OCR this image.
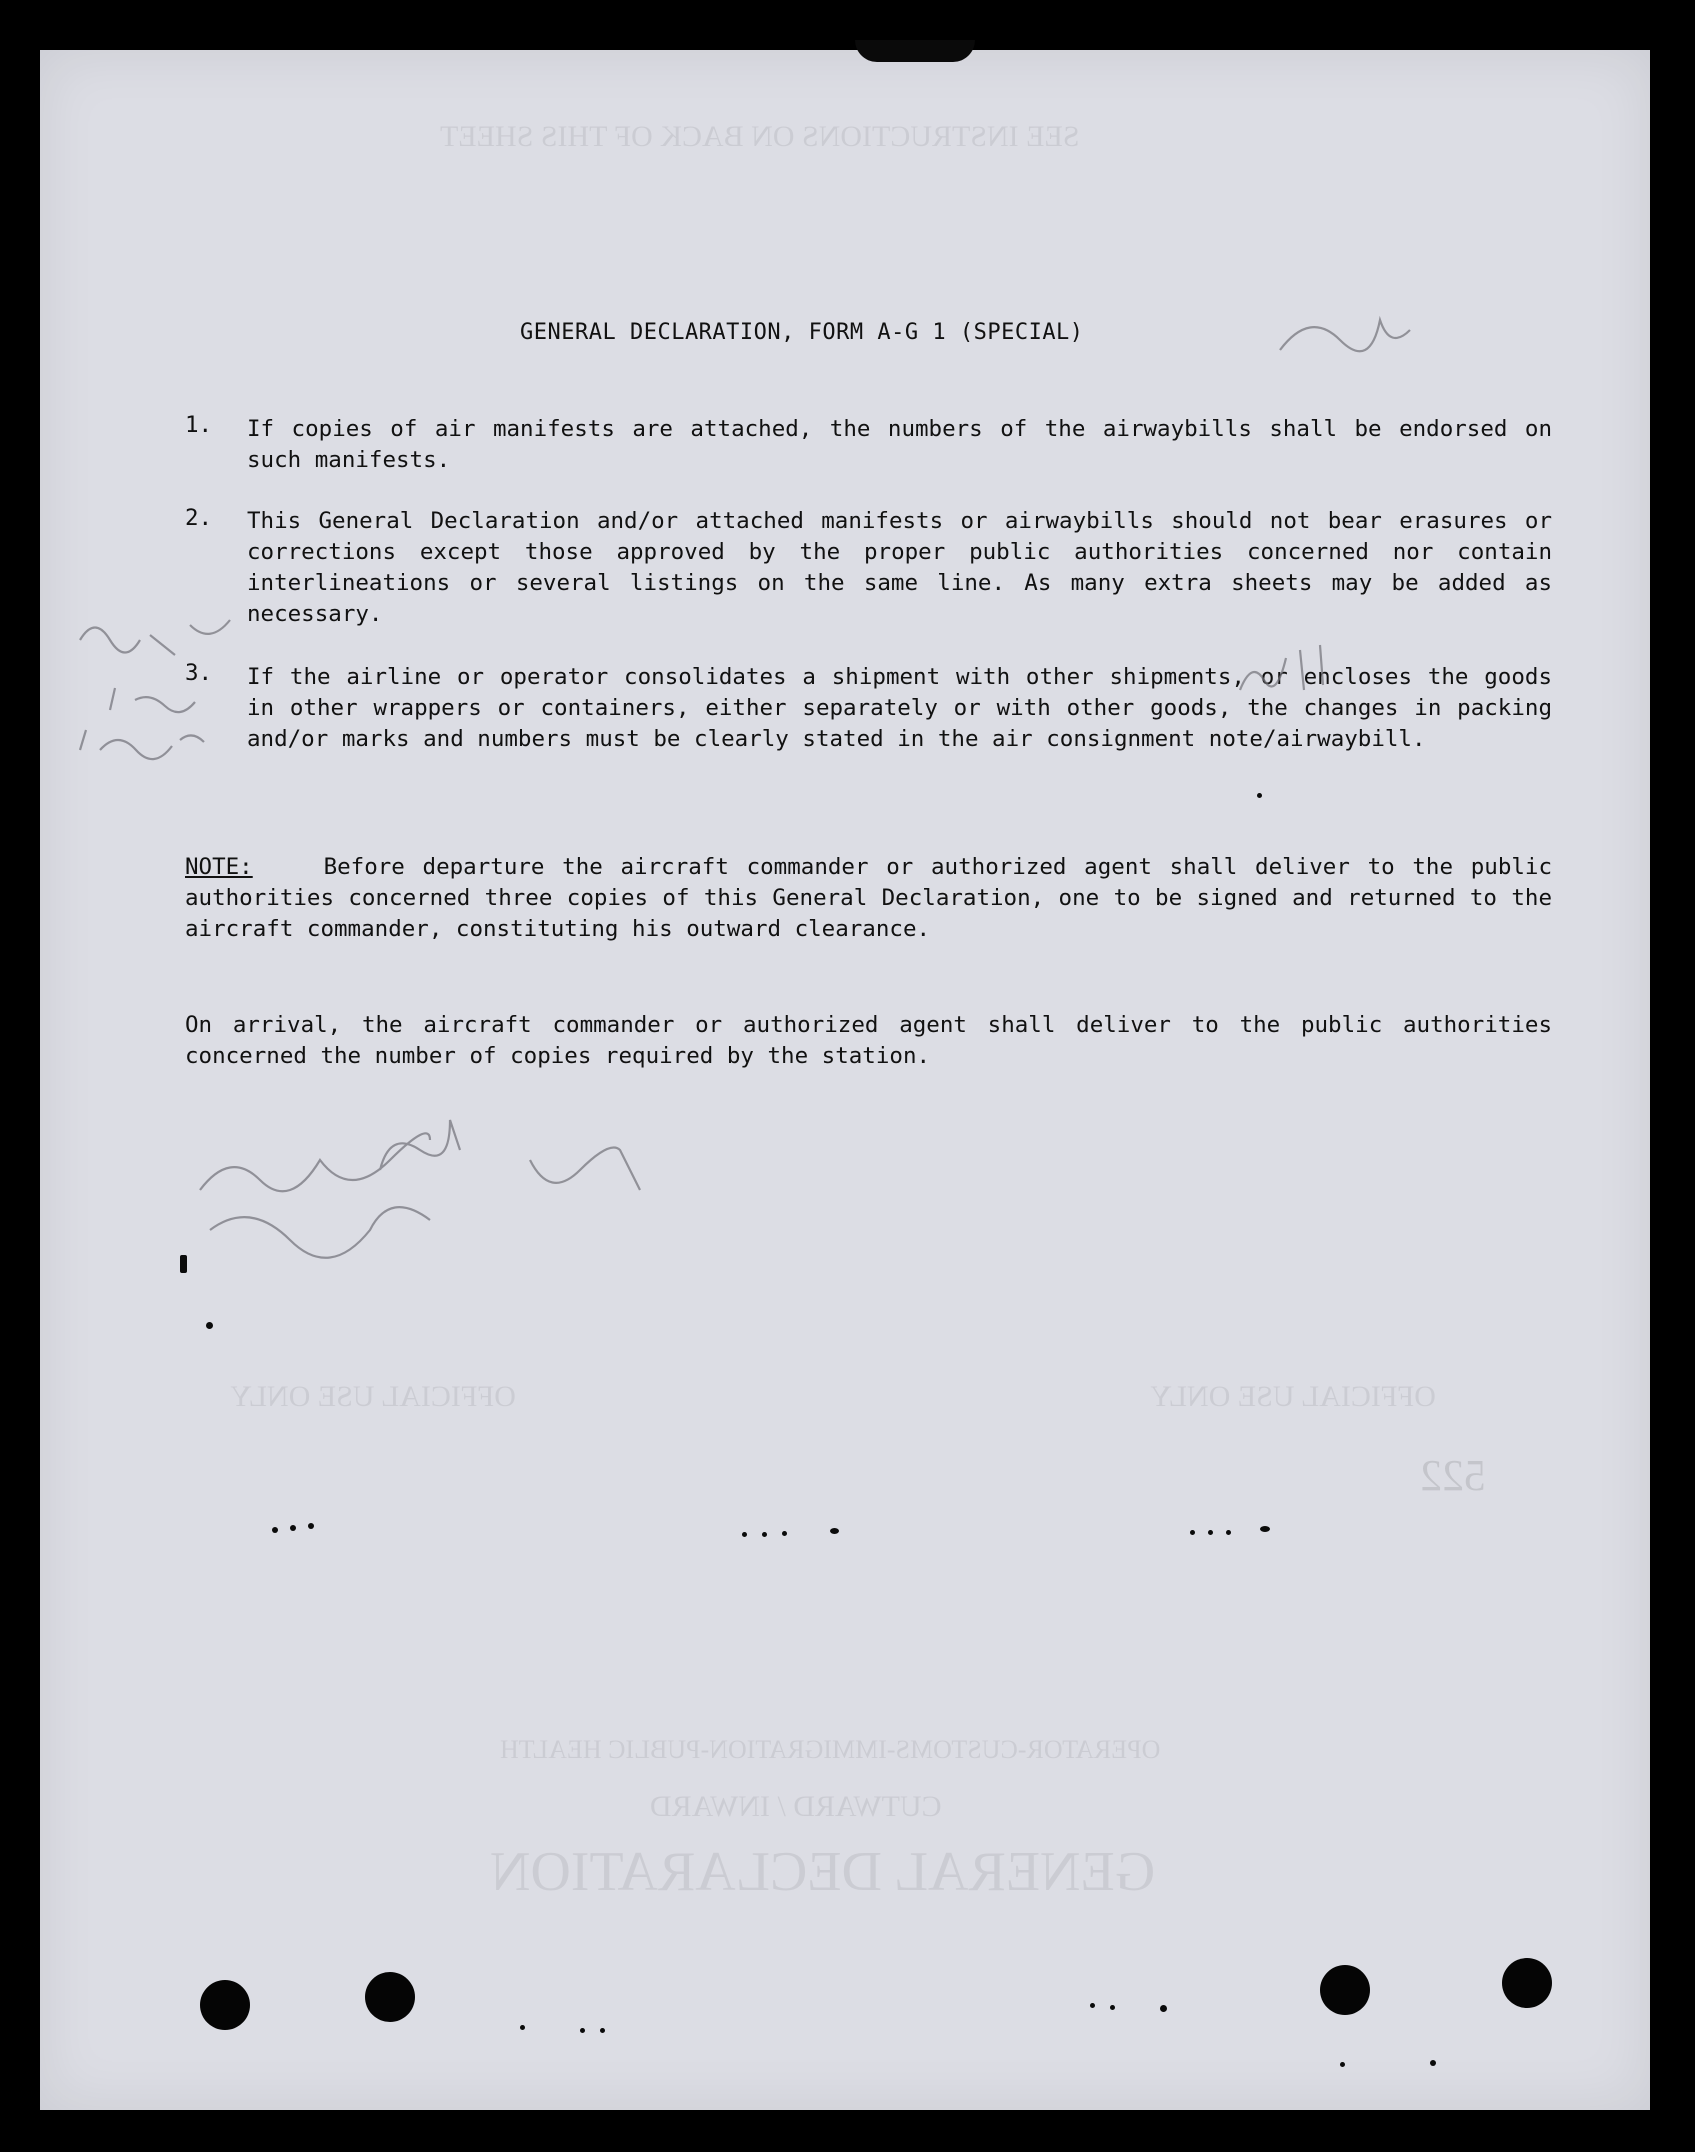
SEE INSTRUCTIONS ON BACK OF THIS SHEET
GENERAL DECLARATION
CUTWARD / INWARD
OPERATOR-CUSTOMS-IMMIGRATION-PUBLIC HEALTH
522
OFFICIAL USE ONLY	OFFICIAL USE ONLY
GENERAL DECLARATION, FORM A-G 1 (SPECIAL)
1. If copies of air manifests are attached, the numbers of the airwaybills shall be endorsed on such manifests.
2. This General Declaration and/or attached manifests or airwaybills should not bear erasures or corrections except those approved by the proper public authorities concerned nor contain interlineations or several listings on the same line. As many extra sheets may be added as necessary.
3. If the airline or operator consolidates a shipment with other shipments, or encloses the goods in other wrappers or containers, either separately or with other goods, the changes in packing and/or marks and numbers must be clearly stated in the air consignment note/airwaybill.
NOTE:	Before departure the aircraft commander or authorized agent shall deliver to the public authorities concerned three copies of this General Declaration, one to be signed and returned to the aircraft commander, constituting his outward clearance.
On arrival, the aircraft commander or authorized agent shall deliver to the public authorities concerned the number of copies required by the station.
